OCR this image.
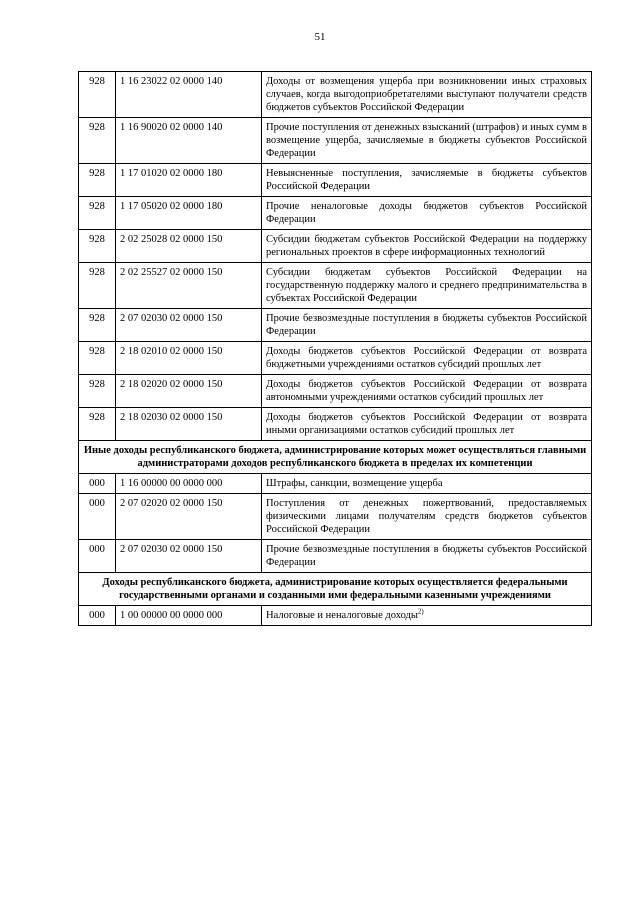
51
928	1 16 23022 02 0000 140	Доходы от возмещения ущерба при возникновении иных страховых случаев, когда выгодоприобретателями выступают получатели средств бюджетов субъектов Российской Федерации
928	1 16 90020 02 0000 140	Прочие поступления от денежных взысканий (штрафов) и иных сумм в возмещение ущерба, зачисляемые в бюджеты субъектов Российской Федерации
928	1 17 01020 02 0000 180	Невыясненные поступления, зачисляемые в бюджеты субъектов Российской Федерации
928	1 17 05020 02 0000 180	Прочие неналоговые доходы бюджетов субъектов Российской Федерации
928	2 02 25028 02 0000 150	Субсидии бюджетам субъектов Российской Федерации на поддержку региональных проектов в сфере информационных технологий
928	2 02 25527 02 0000 150	Субсидии бюджетам субъектов Российской Федерации на государственную поддержку малого и среднего предпринимательства в субъектах Российской Федерации
928	2 07 02030 02 0000 150	Прочие безвозмездные поступления в бюджеты субъектов Российской Федерации
928	2 18 02010 02 0000 150	Доходы бюджетов субъектов Российской Федерации от возврата бюджетными учреждениями остатков субсидий прошлых лет
928	2 18 02020 02 0000 150	Доходы бюджетов субъектов Российской Федерации от возврата автономными учреждениями остатков субсидий прошлых лет
928	2 18 02030 02 0000 150	Доходы бюджетов субъектов Российской Федерации от возврата иными организациями остатков субсидий прошлых лет
Иные доходы республиканского бюджета, администрирование которых может осуществляться главными администраторами доходов республиканского бюджета в пределах их компетенции		
000	1 16 00000 00 0000 000	Штрафы, санкции, возмещение ущерба
000	2 07 02020 02 0000 150	Поступления от денежных пожертвований, предоставляемых физическими лицами получателям средств бюджетов субъектов Российской Федерации
000	2 07 02030 02 0000 150	Прочие безвозмездные поступления в бюджеты субъектов Российской Федерации
Доходы республиканского бюджета, администрирование которых осуществляется федеральными государственными органами и созданными ими федеральными казенными учреждениями		
000	1 00 00000 00 0000 000	Налоговые и неналоговые доходы$^{2)}$
